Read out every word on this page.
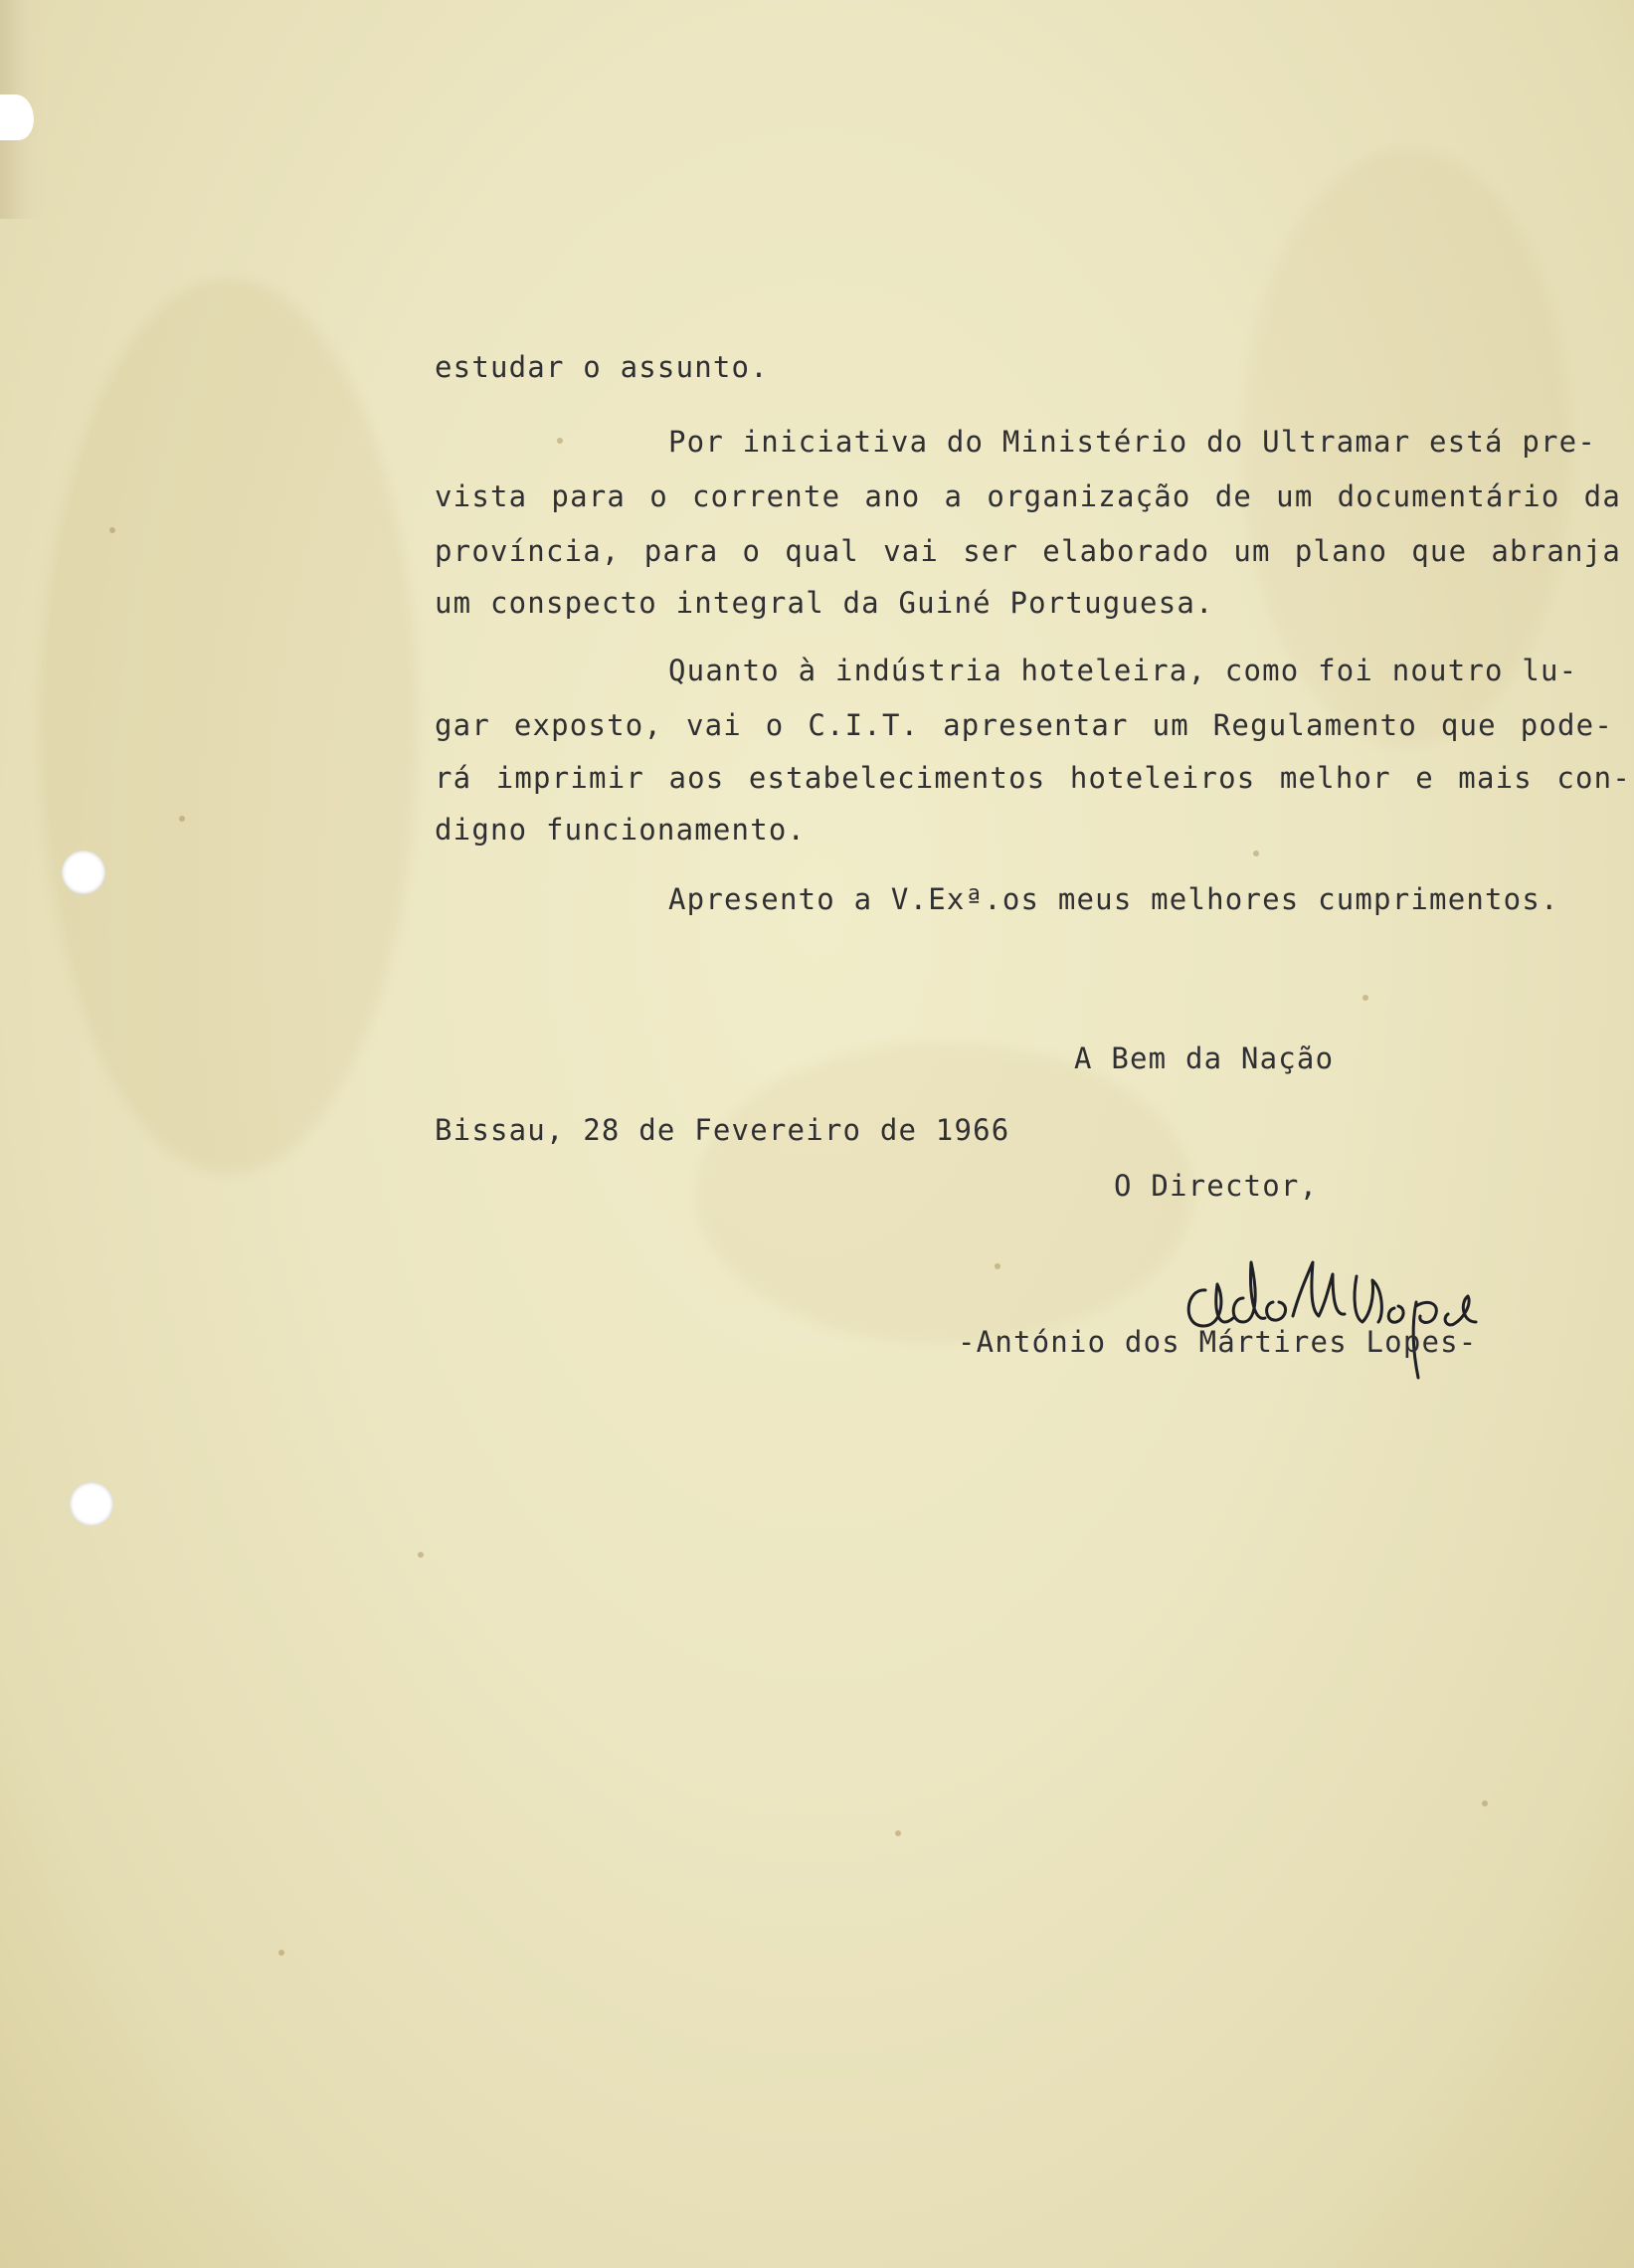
estudar o assunto.
Por iniciativa do Ministério do Ultramar está pre-
vista para o corrente ano a organização de um documentário da
província, para o qual vai ser elaborado um plano que abranja
um conspecto integral da Guiné Portuguesa.
Quanto à indústria hoteleira, como foi noutro lu-
gar exposto, vai o C.I.T. apresentar um Regulamento que pode-
rá imprimir aos estabelecimentos hoteleiros melhor e mais con-
digno funcionamento.
Apresento a V.Exª.os meus melhores cumprimentos.
A Bem da Nação
Bissau, 28 de Fevereiro de 1966
O Director,
-António dos Mártires Lopes-
